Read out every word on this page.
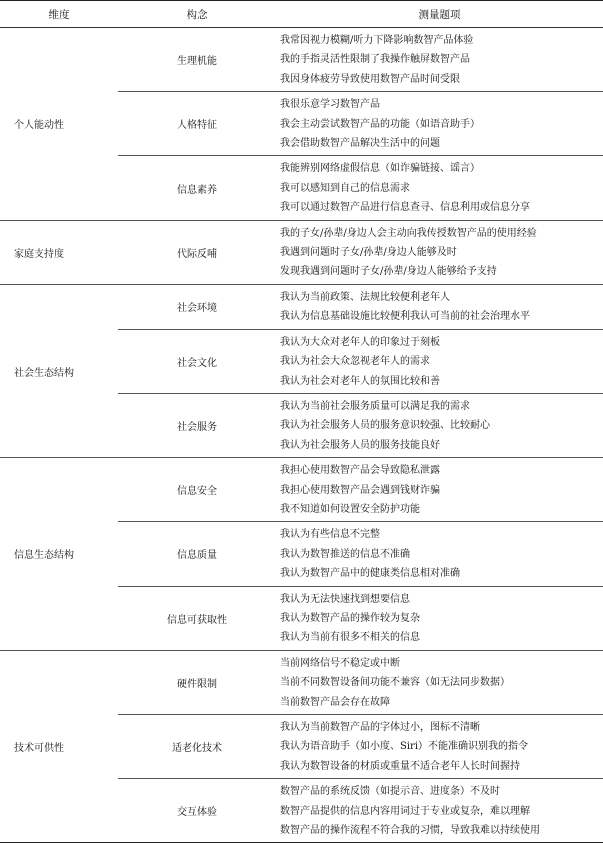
维度	构念	测量题项
个人能动性	生理机能	我常因视力模糊/听力下降影响数智产品体验
我的手指灵活性限制了我操作触屏数智产品
我因身体疲劳导致使用数智产品时间受限

	人格特征	我很乐意学习数智产品
我会主动尝试数智产品的功能（如语音助手）
我会借助数智产品解决生活中的问题

	信息素养	我能辨别网络虚假信息（如诈骗链接、谣言）
我可以感知到自己的信息需求
我可以通过数智产品进行信息查寻、信息利用或信息分享

家庭支持度	代际反哺	我的子女/孙辈/身边人会主动向我传授数智产品的使用经验
我遇到问题时子女/孙辈/身边人能够及时
发现我遇到问题时子女/孙辈/身边人能够给予支持

社会生态结构	社会环境	我认为当前政策、法规比较便利老年人
我认为信息基础设施比较便利我认可当前的社会治理水平

	社会文化	我认为大众对老年人的印象过于刻板
我认为社会大众忽视老年人的需求
我认为社会对老年人的氛围比较和善

	社会服务	我认为当前社会服务质量可以满足我的需求
我认为社会服务人员的服务意识较强、比较耐心
我认为社会服务人员的服务技能良好

信息生态结构	信息安全	我担心使用数智产品会导致隐私泄露
我担心使用数智产品会遇到钱财诈骗
我不知道如何设置安全防护功能

	信息质量	我认为有些信息不完整
我认为数智推送的信息不准确
我认为数智产品中的健康类信息相对准确

	信息可获取性	我认为无法快速找到想要信息
我认为数智产品的操作较为复杂
我认为当前有很多不相关的信息

技术可供性	硬件限制	当前网络信号不稳定或中断
当前不同数智设备间功能不兼容（如无法同步数据）
当前数智产品会存在故障

	适老化技术	我认为当前数智产品的字体过小，图标不清晰
我认为语音助手（如小度、Siri）不能准确识别我的指令
我认为数智设备的材质或重量不适合老年人长时间握持

	交互体验	数智产品的系统反馈（如提示音、进度条）不及时
数智产品提供的信息内容用词过于专业或复杂，难以理解
数智产品的操作流程不符合我的习惯，导致我难以持续使用
